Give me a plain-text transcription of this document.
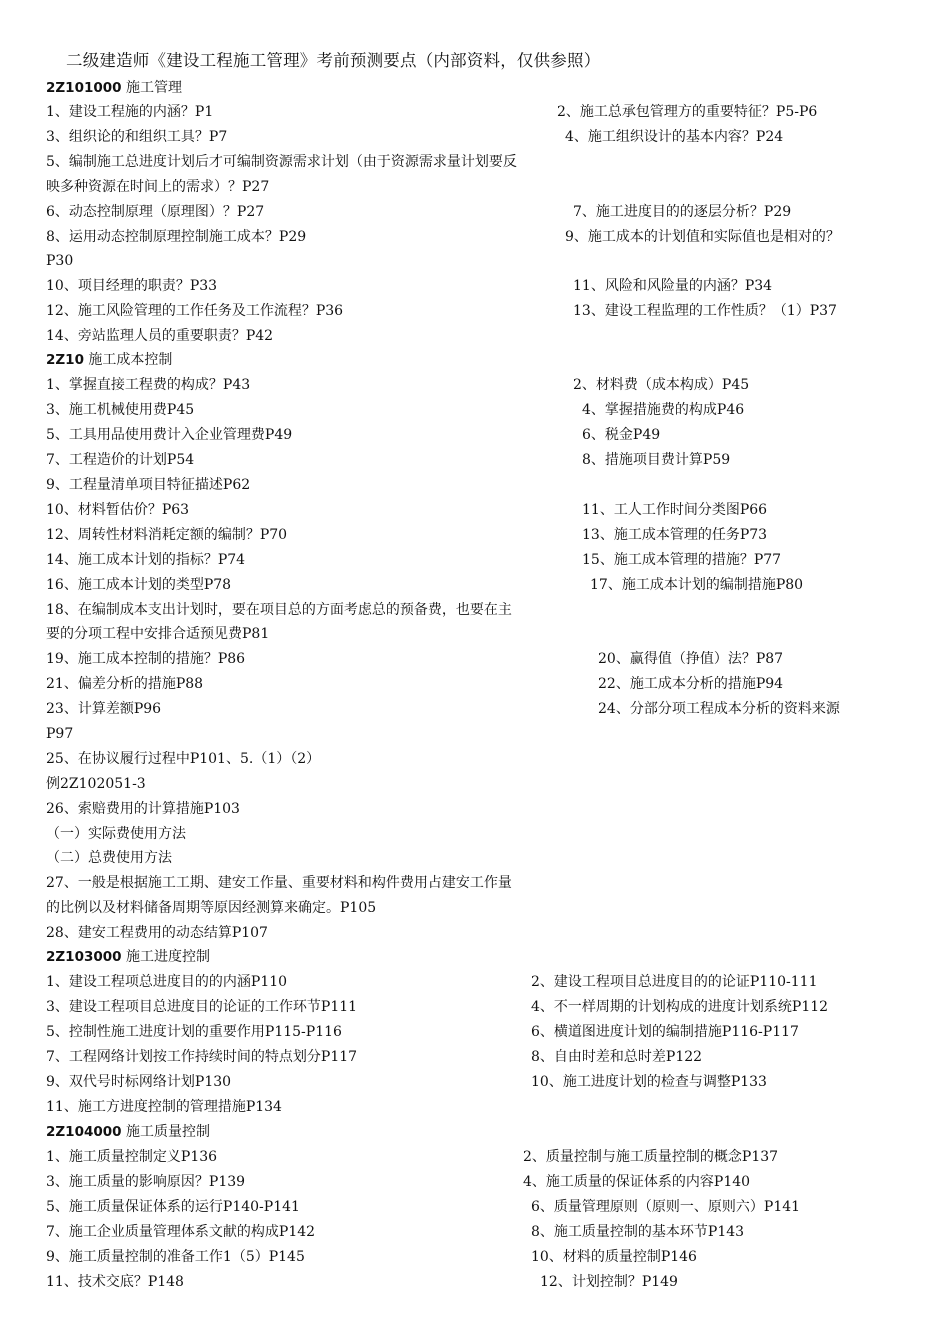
二级建造师《建设工程施工管理》考前预测要点（内部资料，仅供参照）
2Z101000 施工管理
1、建设工程施的内涵？P1	2、施工总承包管理方的重要特征？P5-P6
3、组织论的和组织工具？P7	4、施工组织设计的基本内容？P24
5、编制施工总进度计划后才可编制资源需求计划（由于资源需求量计划要反
映多种资源在时间上的需求）？P27
6、动态控制原理（原理图）？P27	7、施工进度目的的逐层分析？P29
8、运用动态控制原理控制施工成本？P29	9、施工成本的计划值和实际值也是相对的？
P30
10、项目经理的职责？P33	11、风险和风险量的内涵？P34
12、施工风险管理的工作任务及工作流程？P36	13、建设工程监理的工作性质？（1）P37
14、旁站监理人员的重要职责？P42
2Z10 施工成本控制
1、掌握直接工程费的构成？P43	2、材料费（成本构成）P45
3、施工机械使用费P45	4、掌握措施费的构成P46
5、工具用品使用费计入企业管理费P49	6、税金P49
7、工程造价的计划P54	8、措施项目费计算P59
9、工程量清单项目特征描述P62
10、材料暂估价？P63	11、工人工作时间分类图P66
12、周转性材料消耗定额的编制？P70	13、施工成本管理的任务P73
14、施工成本计划的指标？P74	15、施工成本管理的措施？P77
16、施工成本计划的类型P78	17、施工成本计划的编制措施P80
18、在编制成本支出计划时，要在项目总的方面考虑总的预备费，也要在主
要的分项工程中安排合适预见费P81
19、施工成本控制的措施？P86	20、赢得值（挣值）法？P87
21、偏差分析的措施P88	22、施工成本分析的措施P94
23、计算差额P96	24、分部分项工程成本分析的资料来源
P97
25、在协议履行过程中P101、5.（1）（2）
例2Z102051-3
26、索赔费用的计算措施P103
（一）实际费使用方法
（二）总费使用方法
27、一般是根据施工工期、建安工作量、重要材料和构件费用占建安工作量
的比例以及材料储备周期等原因经测算来确定。P105
28、建安工程费用的动态结算P107
2Z103000 施工进度控制
1、建设工程项总进度目的的内涵P110	2、建设工程项目总进度目的的论证P110-111
3、建设工程项目总进度目的论证的工作环节P111	4、不一样周期的计划构成的进度计划系统P112
5、控制性施工进度计划的重要作用P115-P116	6、横道图进度计划的编制措施P116-P117
7、工程网络计划按工作持续时间的特点划分P117	8、自由时差和总时差P122
9、双代号时标网络计划P130	10、施工进度计划的检查与调整P133
11、施工方进度控制的管理措施P134
2Z104000 施工质量控制
1、施工质量控制定义P136	2、质量控制与施工质量控制的概念P137
3、施工质量的影响原因？P139	4、施工质量的保证体系的内容P140
5、施工质量保证体系的运行P140-P141	6、质量管理原则（原则一、原则六）P141
7、施工企业质量管理体系文献的构成P142	8、施工质量控制的基本环节P143
9、施工质量控制的准备工作1（5）P145	10、材料的质量控制P146
11、技术交底？P148	12、计划控制？P149
